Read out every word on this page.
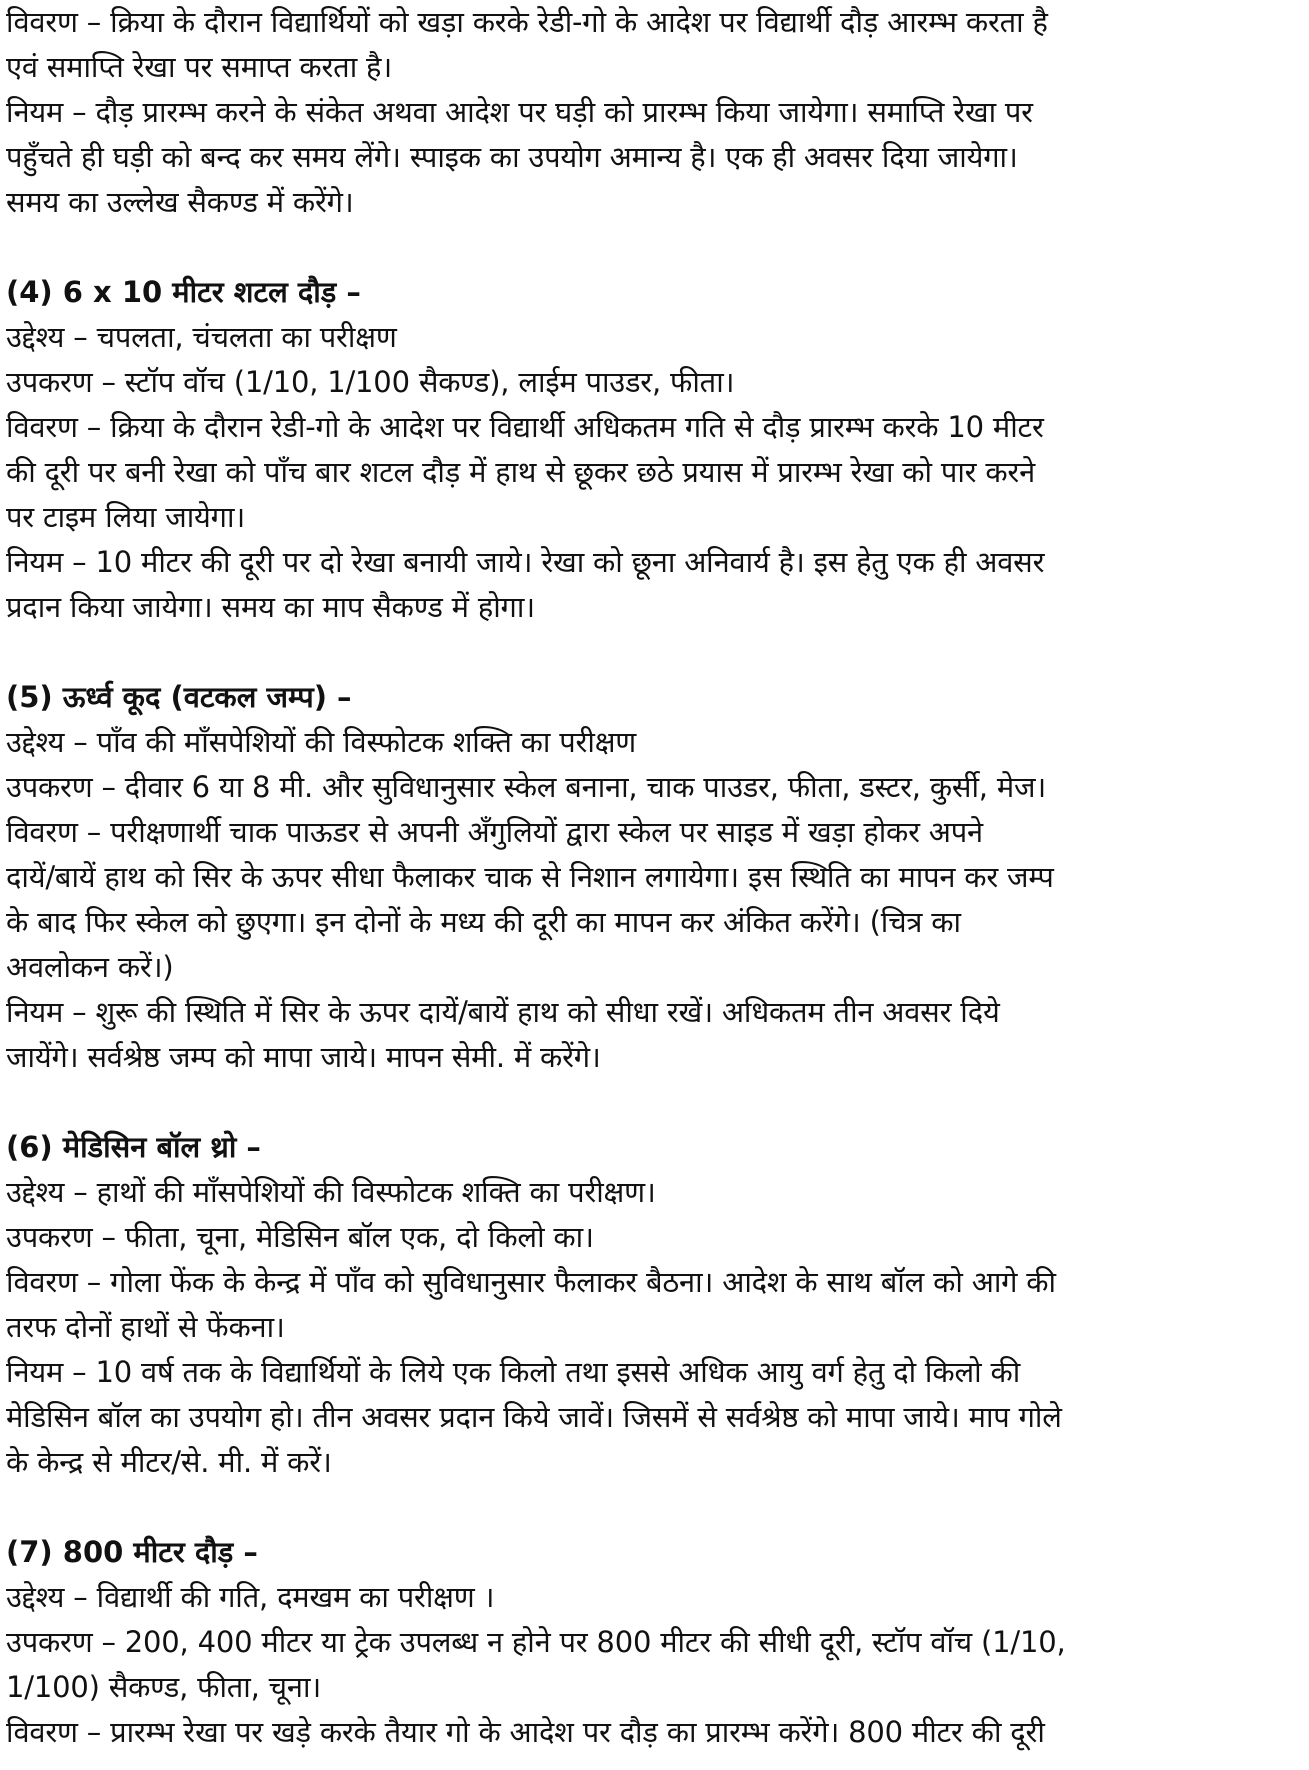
विवरण – क्रिया के दौरान विद्यार्थियों को खड़ा करके रेडी-गो के आदेश पर विद्यार्थी दौड़ आरम्भ करता है

एवं समाप्ति रेखा पर समाप्त करता है।

नियम – दौड़ प्रारम्भ करने के संकेत अथवा आदेश पर घड़ी को प्रारम्भ किया जायेगा। समाप्ति रेखा पर

पहुँचते ही घड़ी को बन्द कर समय लेंगे। स्पाइक का उपयोग अमान्य है। एक ही अवसर दिया जायेगा।

समय का उल्लेख सैकण्ड में करेंगे।

(4) 6 x 10 मीटर शटल दौड़ –

उद्देश्य – चपलता, चंचलता का परीक्षण

उपकरण – स्टॉप वॉच (1/10, 1/100 सैकण्ड), लाईम पाउडर, फीता।

विवरण – क्रिया के दौरान रेडी-गो के आदेश पर विद्यार्थी अधिकतम गति से दौड़ प्रारम्भ करके 10 मीटर

की दूरी पर बनी रेखा को पाँच बार शटल दौड़ में हाथ से छूकर छठे प्रयास में प्रारम्भ रेखा को पार करने

पर टाइम लिया जायेगा।

नियम – 10 मीटर की दूरी पर दो रेखा बनायी जाये। रेखा को छूना अनिवार्य है। इस हेतु एक ही अवसर

प्रदान किया जायेगा। समय का माप सैकण्ड में होगा।

(5) ऊर्ध्व कूद (वटकल जम्प) –

उद्देश्य – पाँव की माँसपेशियों की विस्फोटक शक्ति का परीक्षण

उपकरण – दीवार 6 या 8 मी. और सुविधानुसार स्केल बनाना, चाक पाउडर, फीता, डस्टर, कुर्सी, मेज।

विवरण – परीक्षणार्थी चाक पाऊडर से अपनी अँगुलियों द्वारा स्केल पर साइड में खड़ा होकर अपने

दायें/बायें हाथ को सिर के ऊपर सीधा फैलाकर चाक से निशान लगायेगा। इस स्थिति का मापन कर जम्प

के बाद फिर स्केल को छुएगा। इन दोनों के मध्य की दूरी का मापन कर अंकित करेंगे। (चित्र का

अवलोकन करें।)

नियम – शुरू की स्थिति में सिर के ऊपर दायें/बायें हाथ को सीधा रखें। अधिकतम तीन अवसर दिये

जायेंगे। सर्वश्रेष्ठ जम्प को मापा जाये। मापन सेमी. में करेंगे।

(6) मेडिसिन बॉल थ्रो –

उद्देश्य – हाथों की माँसपेशियों की विस्फोटक शक्ति का परीक्षण।

उपकरण – फीता, चूना, मेडिसिन बॉल एक, दो किलो का।

विवरण – गोला फेंक के केन्द्र में पाँव को सुविधानुसार फैलाकर बैठना। आदेश के साथ बॉल को आगे की

तरफ दोनों हाथों से फेंकना।

नियम – 10 वर्ष तक के विद्यार्थियों के लिये एक किलो तथा इससे अधिक आयु वर्ग हेतु दो किलो की

मेडिसिन बॉल का उपयोग हो। तीन अवसर प्रदान किये जावें। जिसमें से सर्वश्रेष्ठ को मापा जाये। माप गोले

के केन्द्र से मीटर/से. मी. में करें।

(7) 800 मीटर दौड़ –

उद्देश्य – विद्यार्थी की गति, दमखम का परीक्षण ।

उपकरण – 200, 400 मीटर या ट्रेक उपलब्ध न होने पर 800 मीटर की सीधी दूरी, स्टॉप वॉच (1/10,

1/100) सैकण्ड, फीता, चूना।

विवरण – प्रारम्भ रेखा पर खड़े करके तैयार गो के आदेश पर दौड़ का प्रारम्भ करेंगे। 800 मीटर की दूरी
